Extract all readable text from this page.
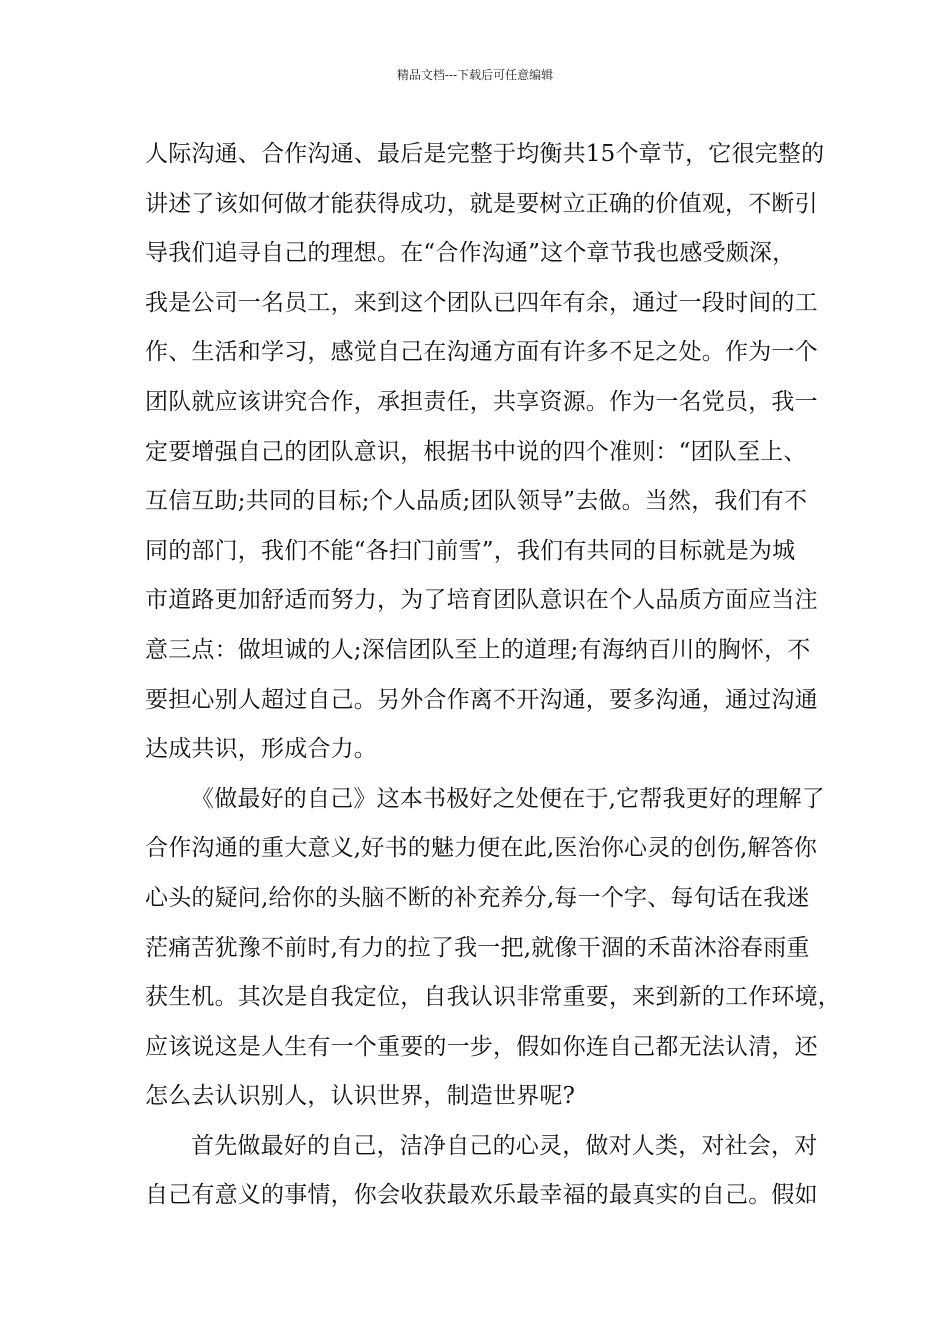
精品文档---下载后可任意编辑
人际沟通、合作沟通、最后是完整于均衡共15个章节，它很完整的
讲述了该如何做才能获得成功，就是要树立正确的价值观，不断引
导我们追寻自己的理想。在“合作沟通”这个章节我也感受颇深，
我是公司一名员工，来到这个团队已四年有余，通过一段时间的工
作、生活和学习，感觉自己在沟通方面有许多不足之处。作为一个
团队就应该讲究合作，承担责任，共享资源。作为一名党员，我一
定要增强自己的团队意识，根据书中说的四个准则：“团队至上、
互信互助;共同的目标;个人品质;团队领导”去做。当然，我们有不
同的部门，我们不能“各扫门前雪”，我们有共同的目标就是为城
市道路更加舒适而努力，为了培育团队意识在个人品质方面应当注
意三点：做坦诚的人;深信团队至上的道理;有海纳百川的胸怀，不
要担心别人超过自己。另外合作离不开沟通，要多沟通，通过沟通
达成共识，形成合力。
《做最好的自己》这本书极好之处便在于,它帮我更好的理解了
合作沟通的重大意义,好书的魅力便在此,医治你心灵的创伤,解答你
心头的疑问,给你的头脑不断的补充养分,每一个字、每句话在我迷
茫痛苦犹豫不前时,有力的拉了我一把,就像干涸的禾苗沐浴春雨重
获生机。其次是自我定位，自我认识非常重要，来到新的工作环境，
应该说这是人生有一个重要的一步，假如你连自己都无法认清，还
怎么去认识别人，认识世界，制造世界呢?
首先做最好的自己，洁净自己的心灵，做对人类，对社会，对
自己有意义的事情，你会收获最欢乐最幸福的最真实的自己。假如
